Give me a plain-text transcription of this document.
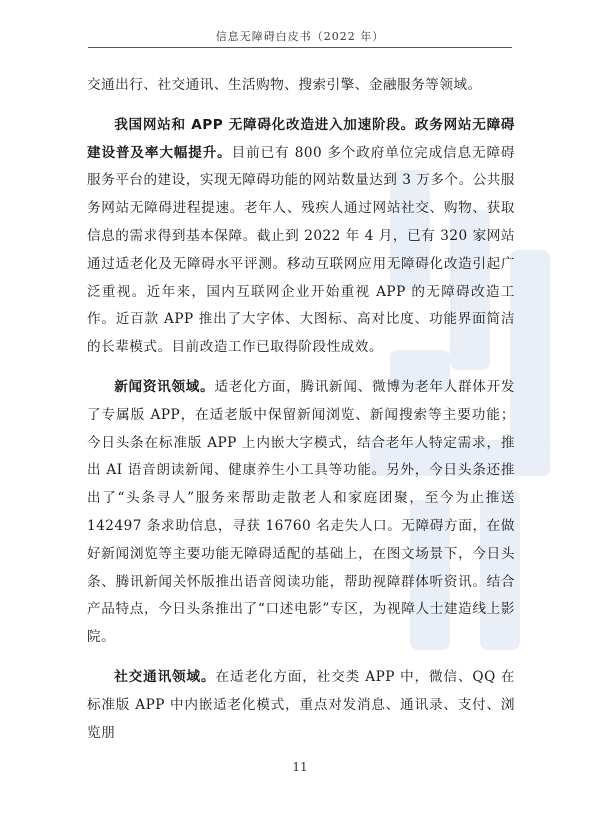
信息无障碍白皮书（2022 年）

交通出行、社交通讯、生活购物、搜索引擎、金融服务等领域。

我国网站和 APP 无障碍化改造进入加速阶段。政务网站无障碍建设普及率大幅提升。目前已有 800 多个政府单位完成信息无障碍服务平台的建设，实现无障碍功能的网站数量达到 3 万多个。公共服务网站无障碍进程提速。老年人、残疾人通过网站社交、购物、获取信息的需求得到基本保障。截止到 2022 年 4 月，已有 320 家网站通过适老化及无障碍水平评测。移动互联网应用无障碍化改造引起广泛重视。近年来，国内互联网企业开始重视 APP 的无障碍改造工作。近百款 APP 推出了大字体、大图标、高对比度、功能界面简洁的长辈模式。目前改造工作已取得阶段性成效。

新闻资讯领域。适老化方面，腾讯新闻、微博为老年人群体开发了专属版 APP，在适老版中保留新闻浏览、新闻搜索等主要功能；今日头条在标准版 APP 上内嵌大字模式，结合老年人特定需求，推出 AI 语音朗读新闻、健康养生小工具等功能。另外，今日头条还推出了“头条寻人”服务来帮助走散老人和家庭团聚，至今为止推送 142497 条求助信息，寻获 16760 名走失人口。无障碍方面，在做好新闻浏览等主要功能无障碍适配的基础上，在图文场景下，今日头条、腾讯新闻关怀版推出语音阅读功能，帮助视障群体听资讯。结合产品特点，今日头条推出了“口述电影”专区，为视障人士建造线上影院。

社交通讯领域。在适老化方面，社交类 APP 中，微信、QQ 在标准版 APP 中内嵌适老化模式，重点对发消息、通讯录、支付、浏览朋

11
